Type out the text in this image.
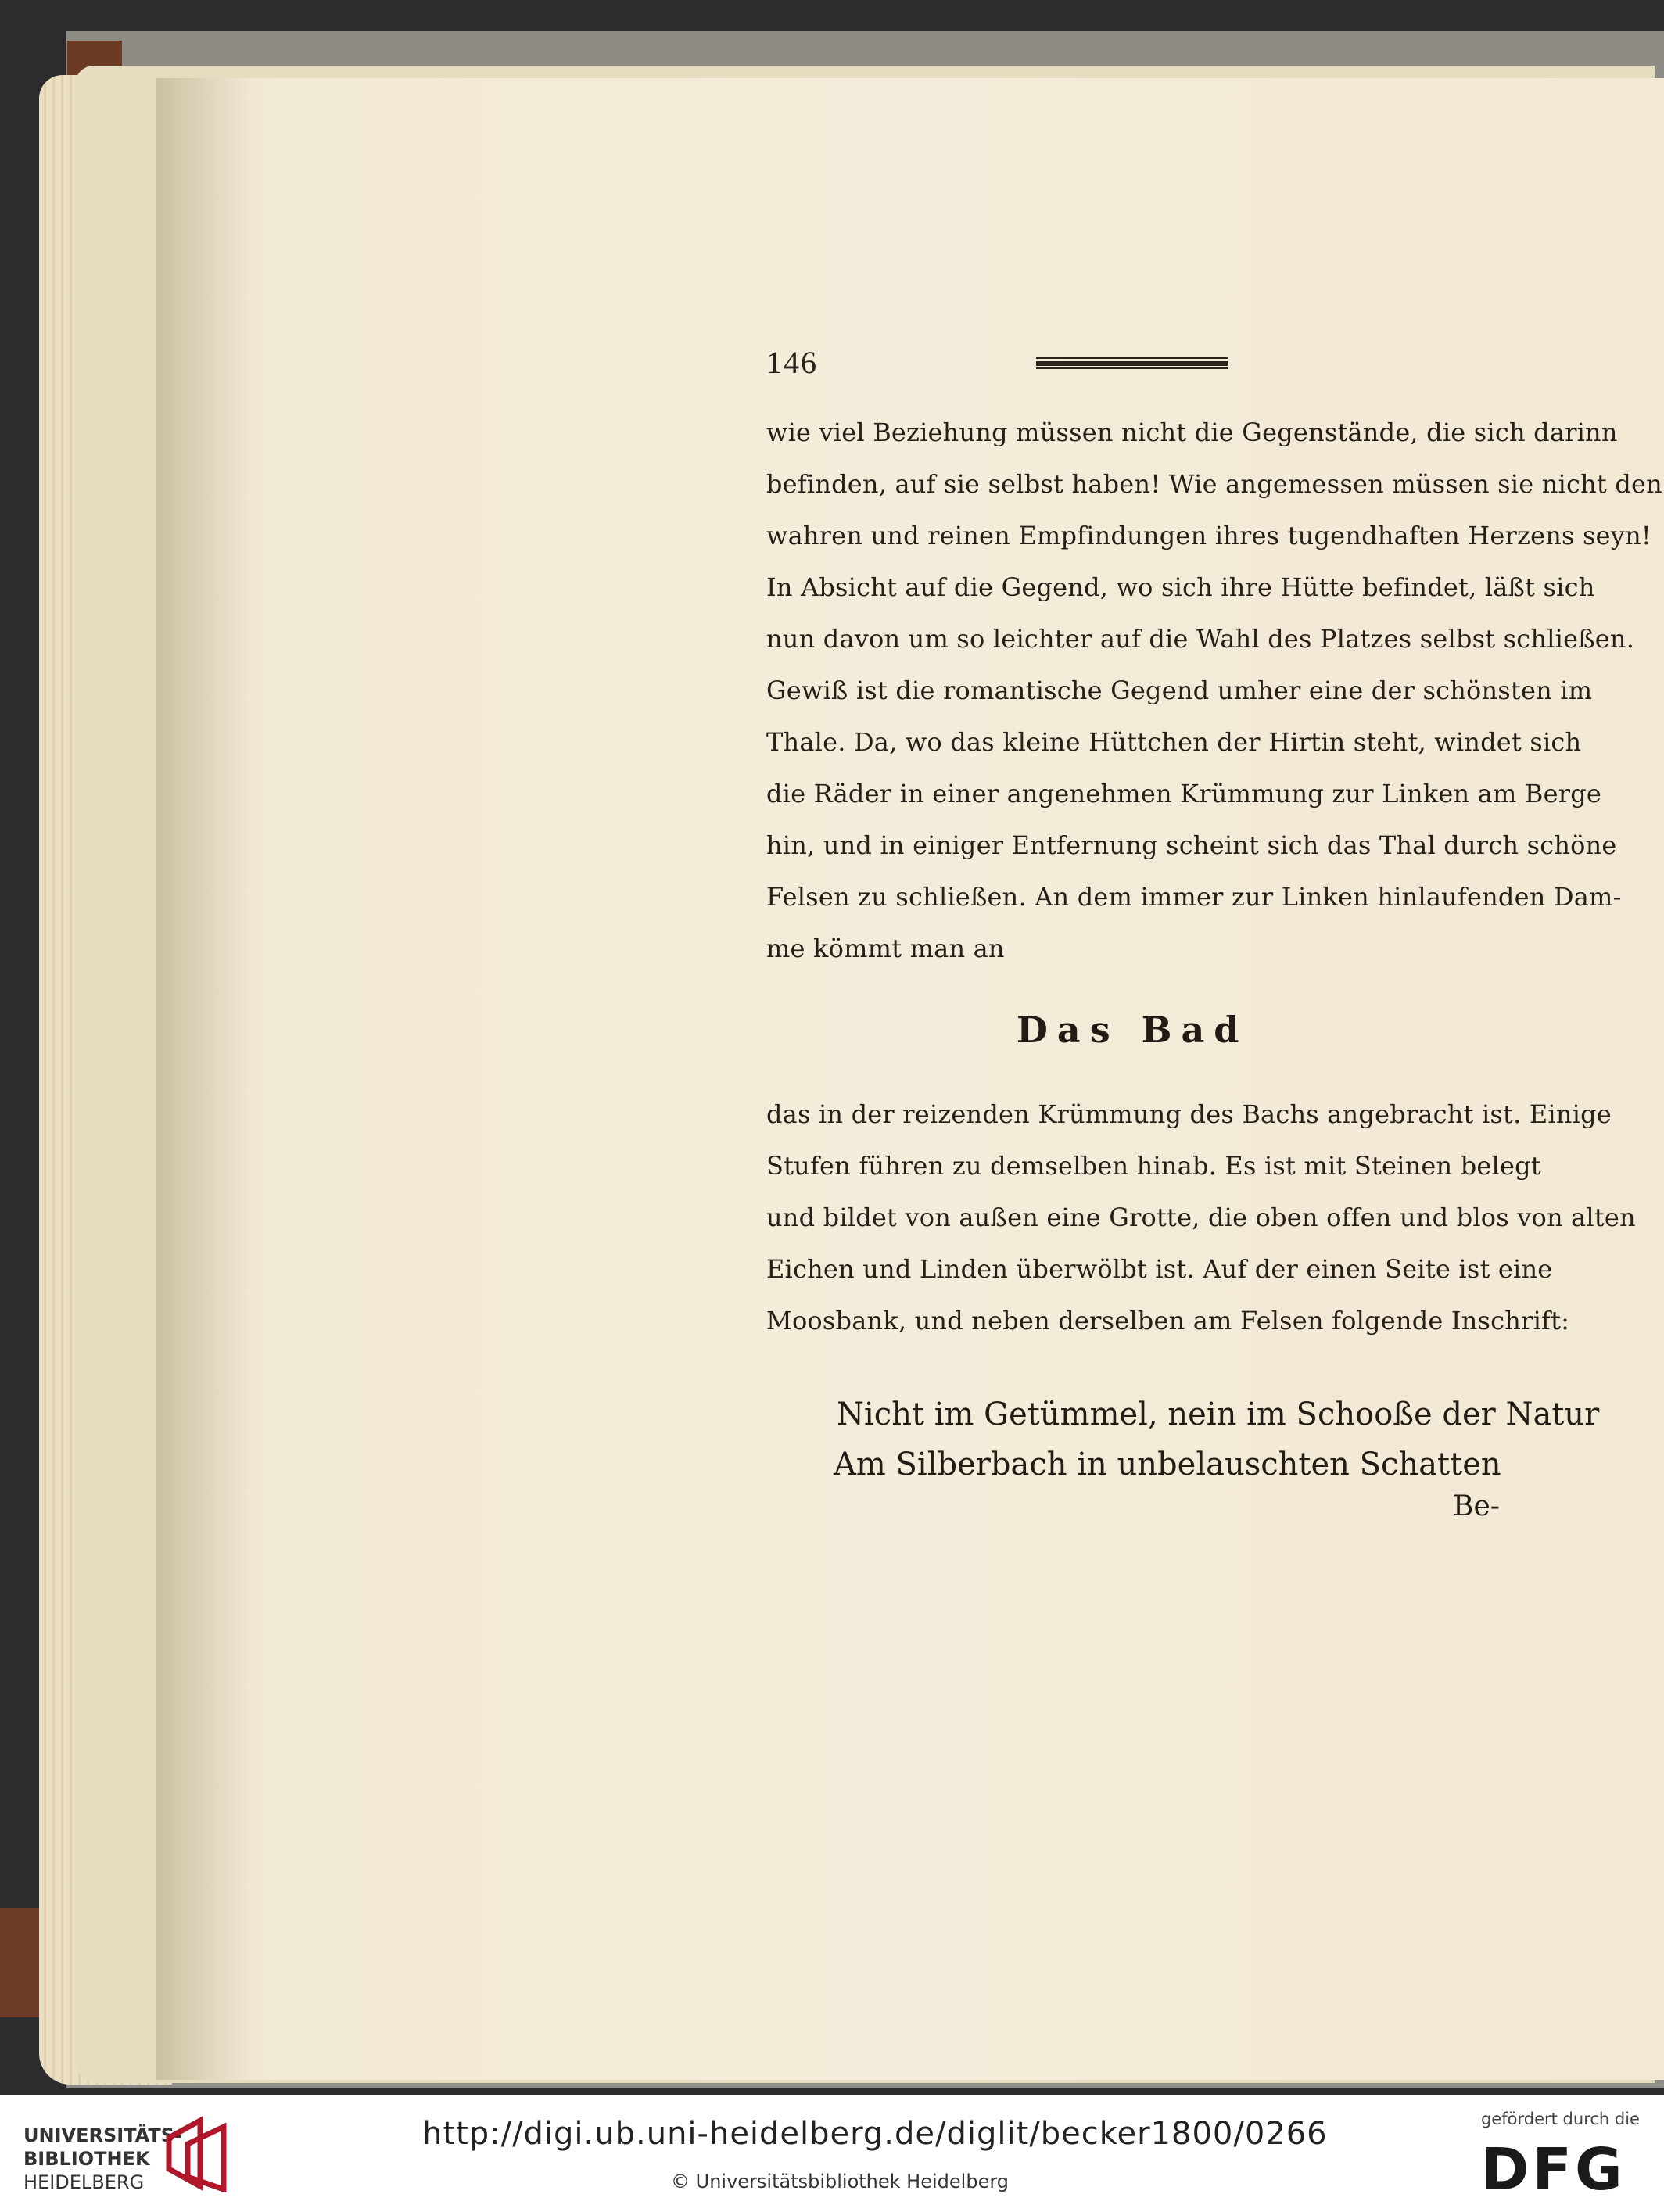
146
wie viel Beziehung müssen nicht die Gegenstände, die sich darinn
befinden, auf sie selbst haben! Wie angemessen müssen sie nicht den
wahren und reinen Empfindungen ihres tugendhaften Herzens seyn!
In Absicht auf die Gegend, wo sich ihre Hütte befindet, läßt sich
nun davon um so leichter auf die Wahl des Platzes selbst schließen.
Gewiß ist die romantische Gegend umher eine der schönsten im
Thale. Da, wo das kleine Hüttchen der Hirtin steht, windet sich
die Räder in einer angenehmen Krümmung zur Linken am Berge
hin, und in einiger Entfernung scheint sich das Thal durch schöne
Felsen zu schließen. An dem immer zur Linken hinlaufenden Dam-
me kömmt man an
Das Bad
das in der reizenden Krümmung des Bachs angebracht ist. Einige
Stufen führen zu demselben hinab. Es ist mit Steinen belegt
und bildet von außen eine Grotte, die oben offen und blos von alten
Eichen und Linden überwölbt ist. Auf der einen Seite ist eine
Moosbank, und neben derselben am Felsen folgende Inschrift:
Nicht im Getümmel, nein im Schooße der Natur
Am Silberbach in unbelauschten Schatten
Be-
UNIVERSITÄTS-
BIBLIOTHEK
HEIDELBERG
http://digi.ub.uni-heidelberg.de/diglit/becker1800/0266
© Universitätsbibliothek Heidelberg
gefördert durch die
DFG
